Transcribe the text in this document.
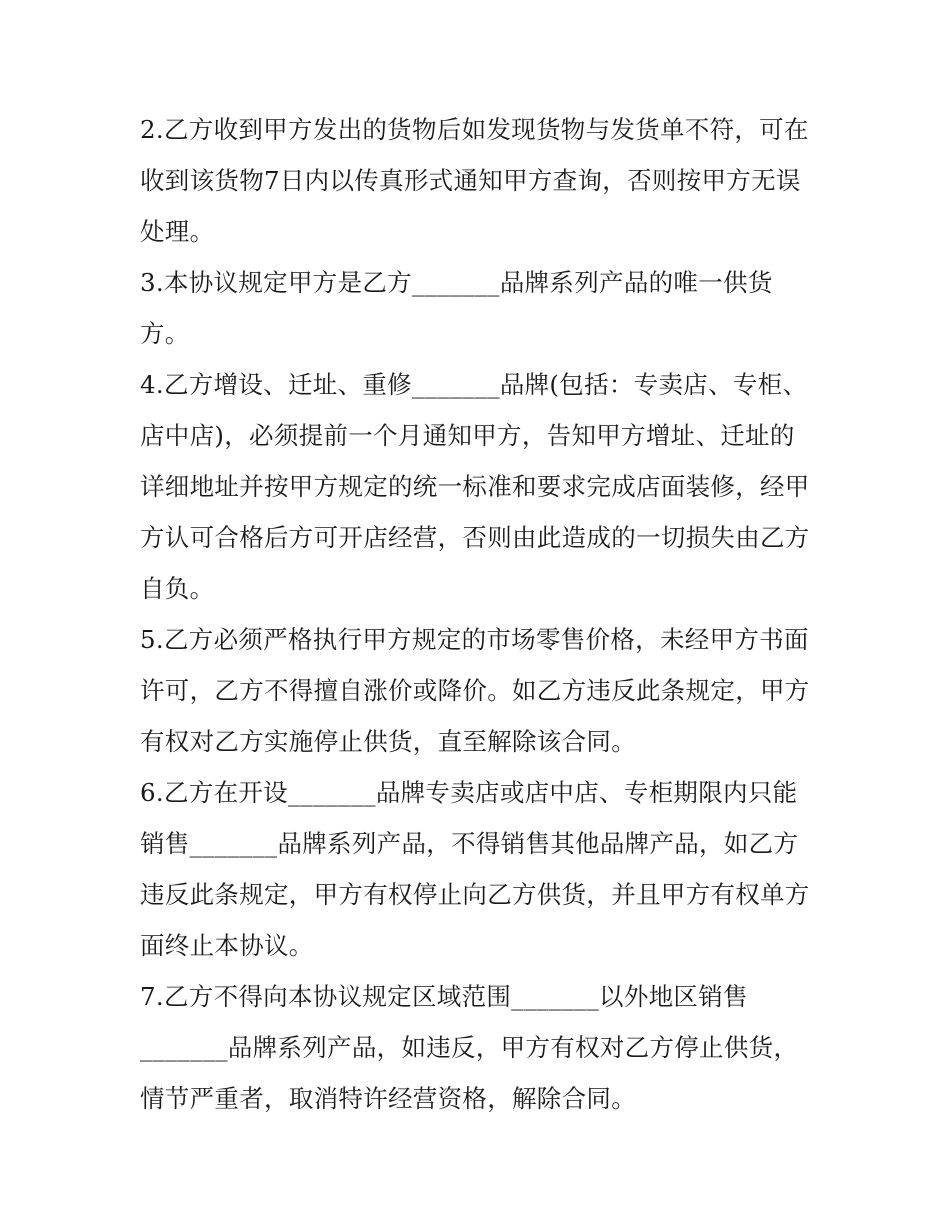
2.乙方收到甲方发出的货物后如发现货物与发货单不符，可在
收到该货物7日内以传真形式通知甲方查询，否则按甲方无误
处理。
3.本协议规定甲方是乙方_______品牌系列产品的唯一供货
方。
4.乙方增设、迁址、重修_______品牌(包括：专卖店、专柜、
店中店)，必须提前一个月通知甲方，告知甲方增址、迁址的
详细地址并按甲方规定的统一标准和要求完成店面装修，经甲
方认可合格后方可开店经营，否则由此造成的一切损失由乙方
自负。
5.乙方必须严格执行甲方规定的市场零售价格，未经甲方书面
许可，乙方不得擅自涨价或降价。如乙方违反此条规定，甲方
有权对乙方实施停止供货，直至解除该合同。
6.乙方在开设_______品牌专卖店或店中店、专柜期限内只能
销售_______品牌系列产品，不得销售其他品牌产品，如乙方
违反此条规定，甲方有权停止向乙方供货，并且甲方有权单方
面终止本协议。
7.乙方不得向本协议规定区域范围_______以外地区销售
_______品牌系列产品，如违反，甲方有权对乙方停止供货，
情节严重者，取消特许经营资格，解除合同。
